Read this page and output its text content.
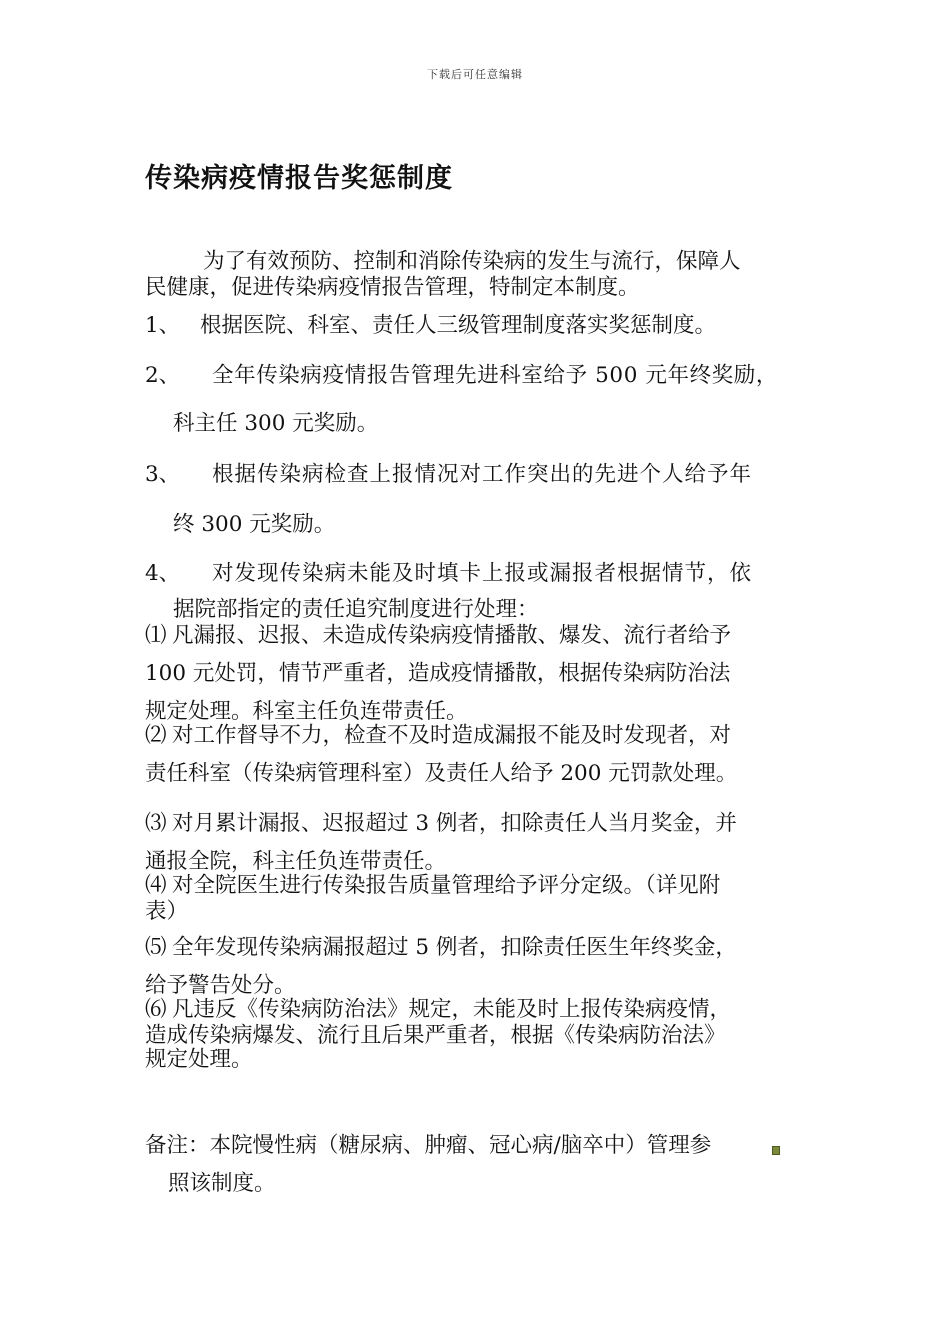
下载后可任意编辑
传染病疫情报告奖惩制度
为了有效预防、控制和消除传染病的发生与流行，保障人
民健康，促进传染病疫情报告管理，特制定本制度。
1、 根据医院、科室、责任人三级管理制度落实奖惩制度。
2、 全年传染病疫情报告管理先进科室给予 500 元年终奖励，
科主任 300 元奖励。
3、 根据传染病检查上报情况对工作突出的先进个人给予年
终 300 元奖励。
4、 对发现传染病未能及时填卡上报或漏报者根据情节，依
据院部指定的责任追究制度进行处理：
⑴ 凡漏报、迟报、未造成传染病疫情播散、爆发、流行者给予
100 元处罚，情节严重者，造成疫情播散，根据传染病防治法
规定处理。科室主任负连带责任。
⑵ 对工作督导不力，检查不及时造成漏报不能及时发现者，对
责任科室（传染病管理科室）及责任人给予 200 元罚款处理。
⑶ 对月累计漏报、迟报超过 3 例者，扣除责任人当月奖金，并
通报全院，科主任负连带责任。
⑷ 对全院医生进行传染报告质量管理给予评分定级。（详见附
表）
⑸ 全年发现传染病漏报超过 5 例者，扣除责任医生年终奖金，
给予警告处分。
⑹ 凡违反《传染病防治法》规定，未能及时上报传染病疫情，
造成传染病爆发、流行且后果严重者，根据《传染病防治法》
规定处理。
备注：本院慢性病（糖尿病、肿瘤、冠心病/脑卒中）管理参
照该制度。
